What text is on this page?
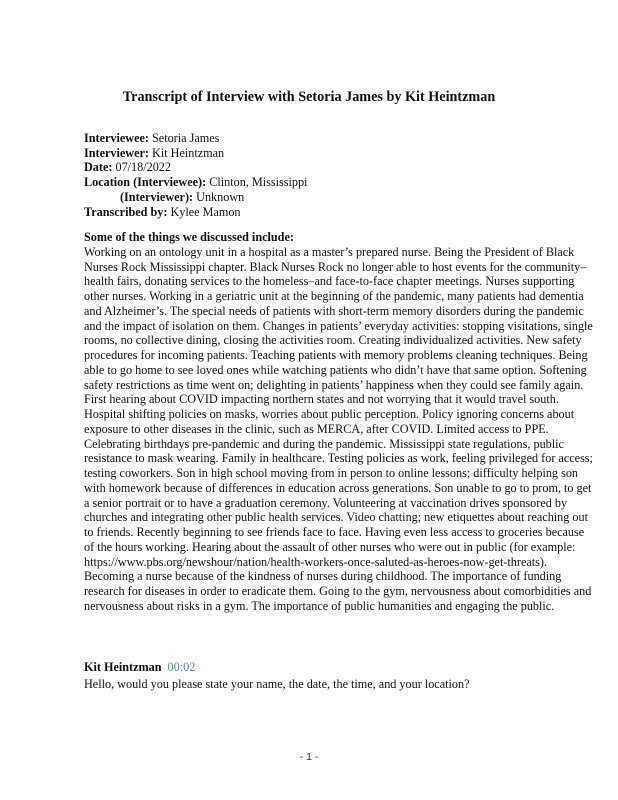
Transcript of Interview with Setoria James by Kit Heintzman
Interviewee: Setoria James
Interviewer: Kit Heintzman
Date: 07/18/2022
Location (Interviewee): Clinton, Mississippi
(Interviewer): Unknown
Transcribed by: Kylee Mamon
Some of the things we discussed include:
Working on an ontology unit in a hospital as a master’s prepared nurse. Being the President of Black
Nurses Rock Mississippi chapter. Black Nurses Rock no longer able to host events for the community–
health fairs, donating services to the homeless–and face-to-face chapter meetings. Nurses supporting
other nurses. Working in a geriatric unit at the beginning of the pandemic, many patients had dementia
and Alzheimer’s. The special needs of patients with short-term memory disorders during the pandemic
and the impact of isolation on them. Changes in patients’ everyday activities: stopping visitations, single
rooms, no collective dining, closing the activities room. Creating individualized activities. New safety
procedures for incoming patients. Teaching patients with memory problems cleaning techniques. Being
able to go home to see loved ones while watching patients who didn’t have that same option. Softening
safety restrictions as time went on; delighting in patients’ happiness when they could see family again.
First hearing about COVID impacting northern states and not worrying that it would travel south.
Hospital shifting policies on masks, worries about public perception. Policy ignoring concerns about
exposure to other diseases in the clinic, such as MERCA, after COVID. Limited access to PPE.
Celebrating birthdays pre-pandemic and during the pandemic. Mississippi state regulations, public
resistance to mask wearing. Family in healthcare. Testing policies as work, feeling privileged for access;
testing coworkers. Son in high school moving from in person to online lessons; difficulty helping son
with homework because of differences in education across generations. Son unable to go to prom, to get
a senior portrait or to have a graduation ceremony. Volunteering at vaccination drives sponsored by
churches and integrating other public health services. Video chatting; new etiquettes about reaching out
to friends. Recently beginning to see friends face to face. Having even less access to groceries because
of the hours working. Hearing about the assault of other nurses who were out in public (for example:
https://www.pbs.org/newshour/nation/health-workers-once-saluted-as-heroes-now-get-threats).
Becoming a nurse because of the kindness of nurses during childhood. The importance of funding
research for diseases in order to eradicate them. Going to the gym, nervousness about comorbidities and
nervousness about risks in a gym. The importance of public humanities and engaging the public.
Kit Heintzman 00:02
Hello, would you please state your name, the date, the time, and your location?
- 1 -
